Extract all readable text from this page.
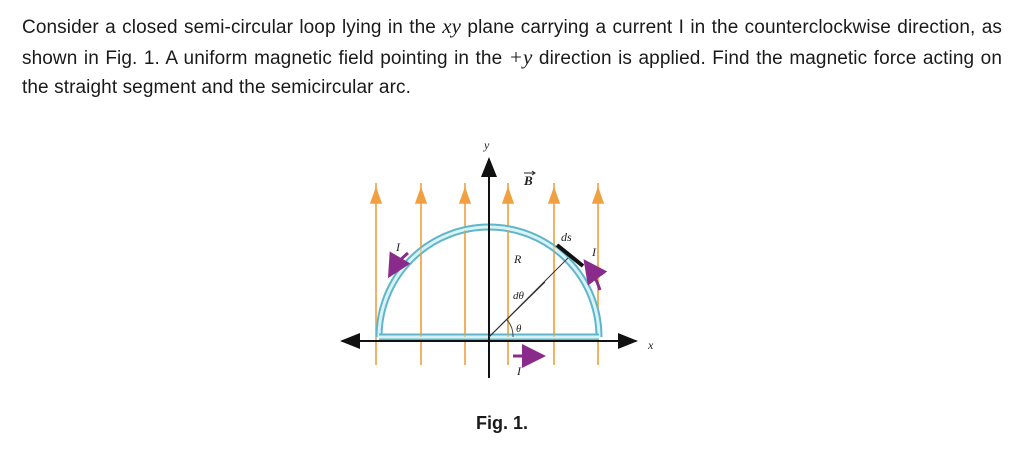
Consider a closed semi-circular loop lying in the xy plane carrying a current I in the counterclockwise direction, as shown in Fig. 1. A uniform magnetic field pointing in the +y direction is applied. Find the magnetic force acting on the straight segment and the semicircular arc.
y
x
B
ds
I	I
I
R
dθ
θ
Fig. 1.
